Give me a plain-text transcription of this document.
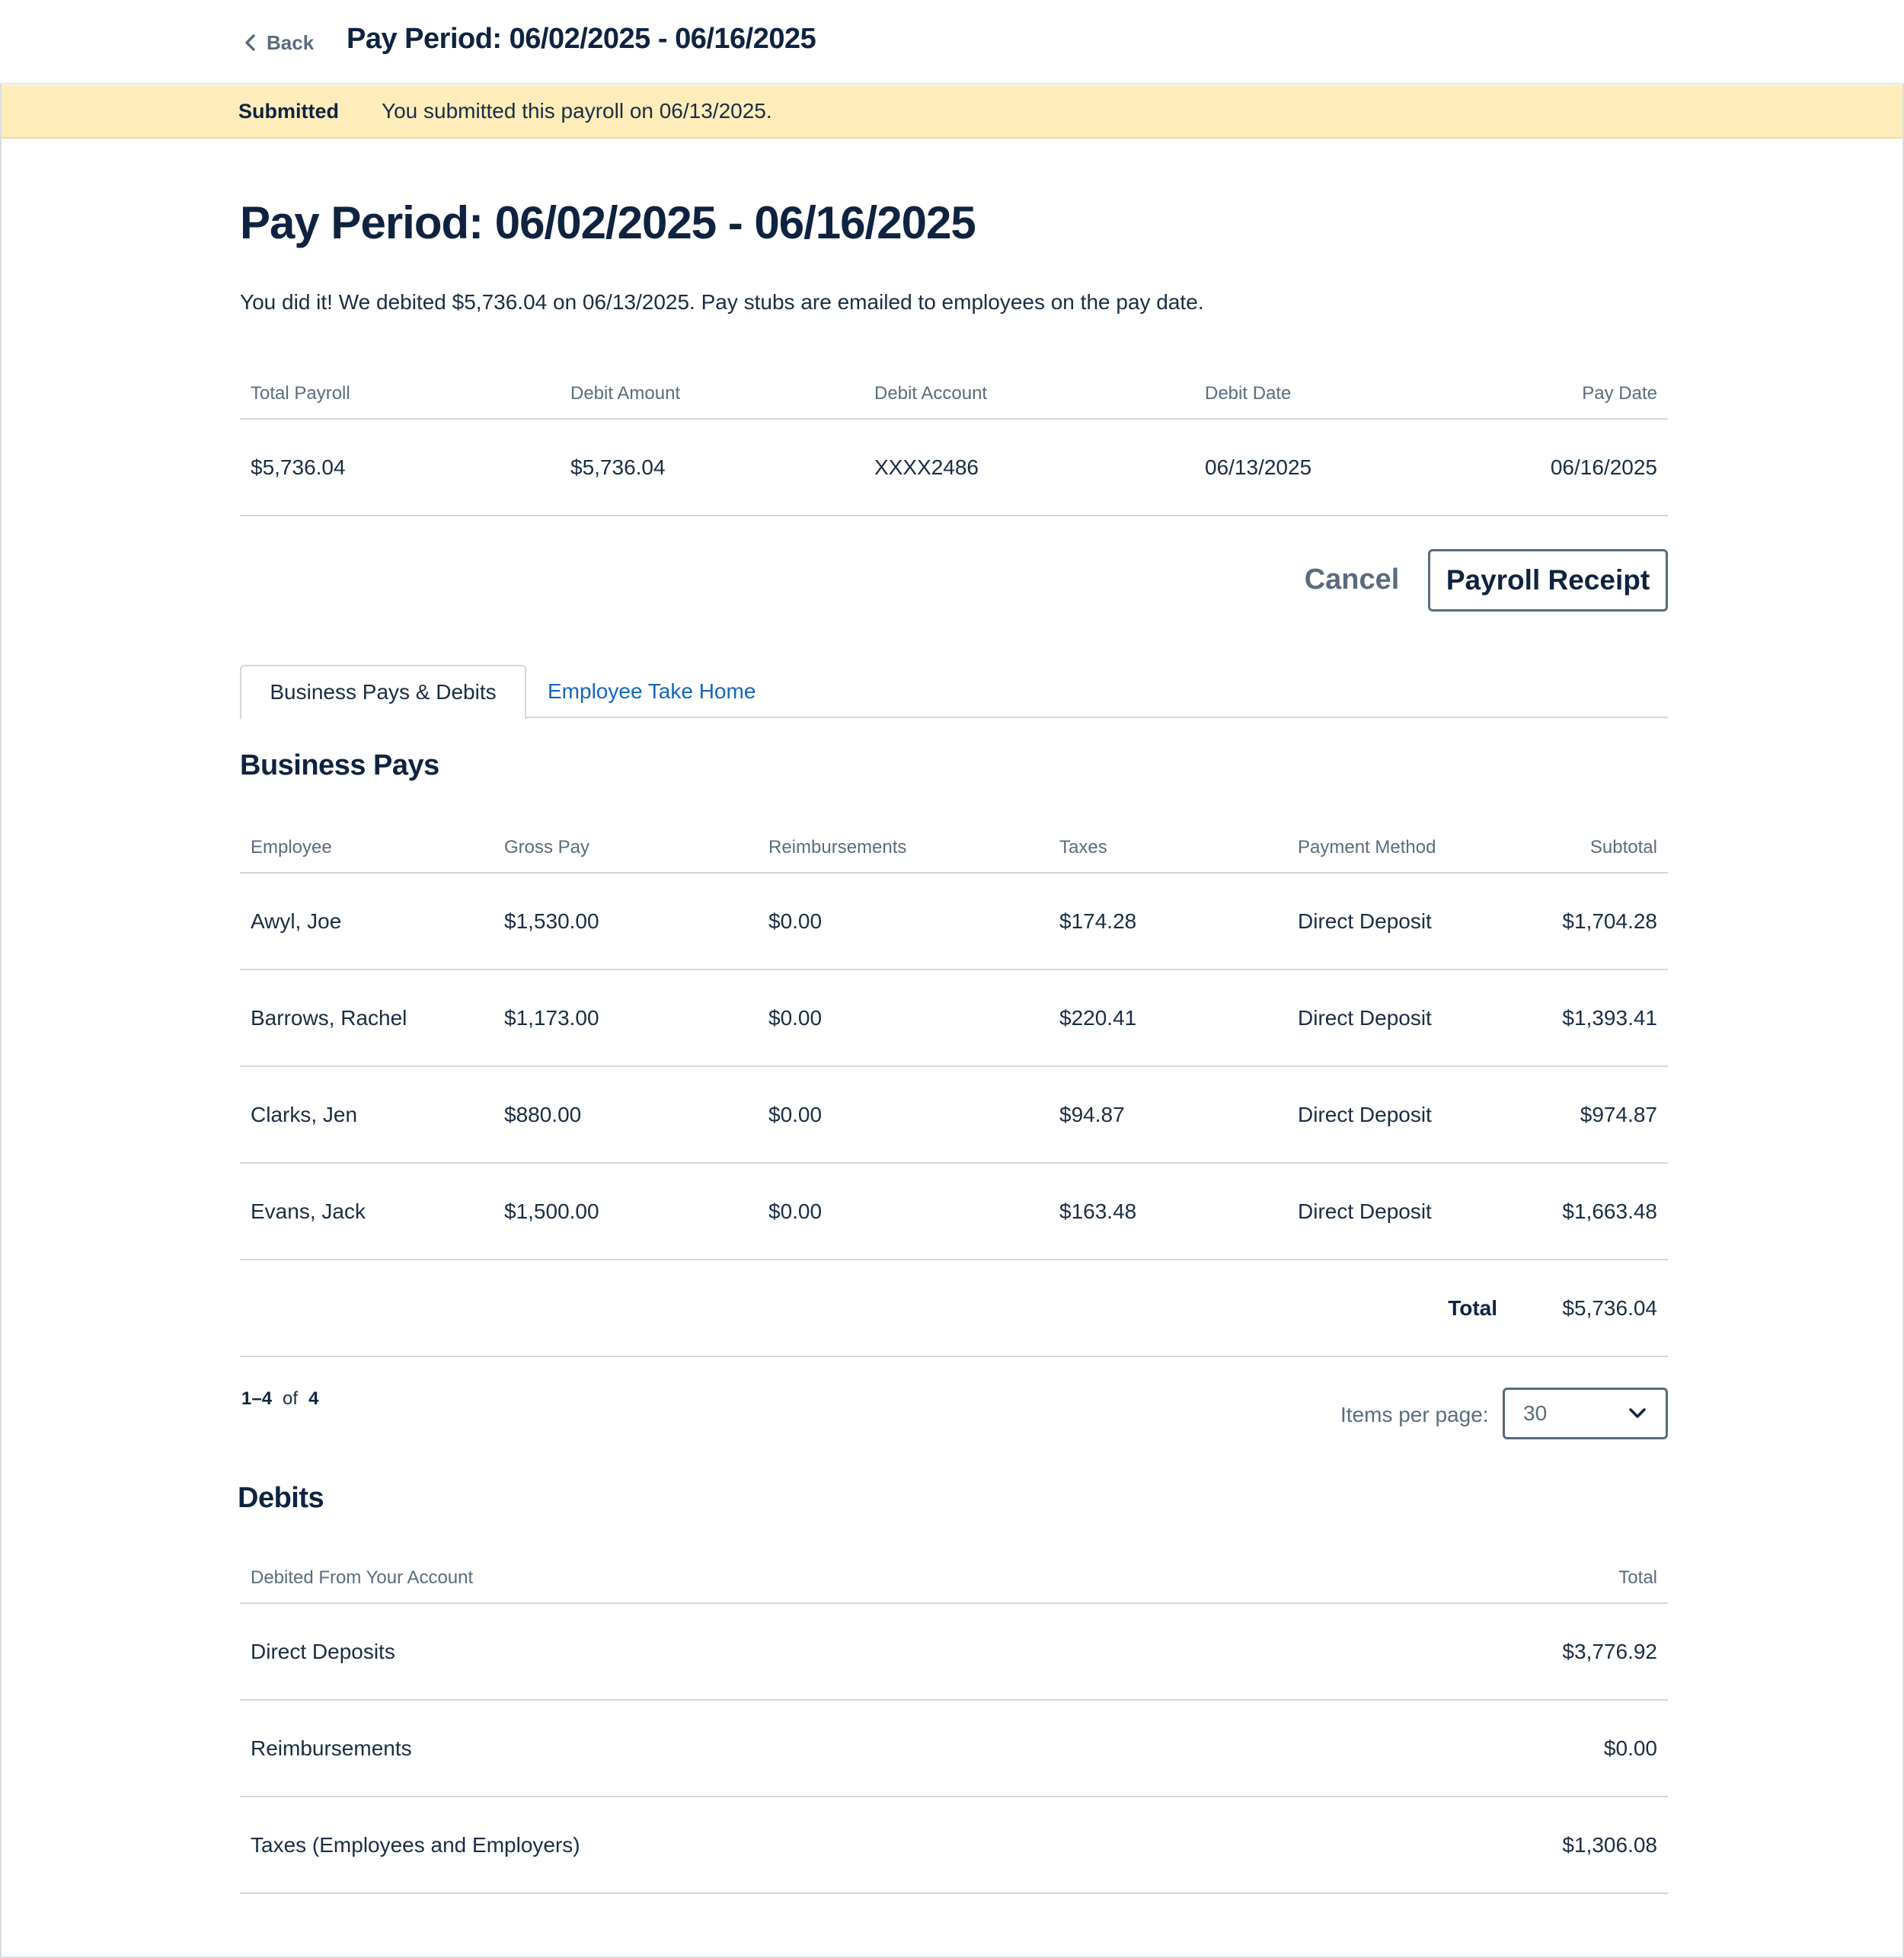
Back Pay Period: 06/02/2025 - 06/16/2025
Submitted You submitted this payroll on 06/13/2025.
Pay Period: 06/02/2025 - 06/16/2025

You did it! We debited $5,736.04 on 06/13/2025. Pay stubs are emailed to employees on the pay date.

Total Payroll	Debit Amount	Debit Account	Debit Date	Pay Date
$5,736.04	$5,736.04	XXXX2486	06/13/2025	06/16/2025
Cancel	Payroll Receipt
Business Pays & Debits	Employee Take Home
Business Pays
Employee	Gross Pay	Reimbursements	Taxes	Payment Method	Subtotal
Awyl, Joe	$1,530.00	$0.00	$174.28	Direct Deposit	$1,704.28
Barrows, Rachel	$1,173.00	$0.00	$220.41	Direct Deposit	$1,393.41
Clarks, Jen	$880.00	$0.00	$94.87	Direct Deposit	$974.87
Evans, Jack	$1,500.00	$0.00	$163.48	Direct Deposit	$1,663.48
Total					$5,736.04
1–4 of 4
Items per page: 30
Debits
Debited From Your Account	Total
Direct Deposits	$3,776.92
Reimbursements	$0.00
Taxes (Employees and Employers)	$1,306.08
